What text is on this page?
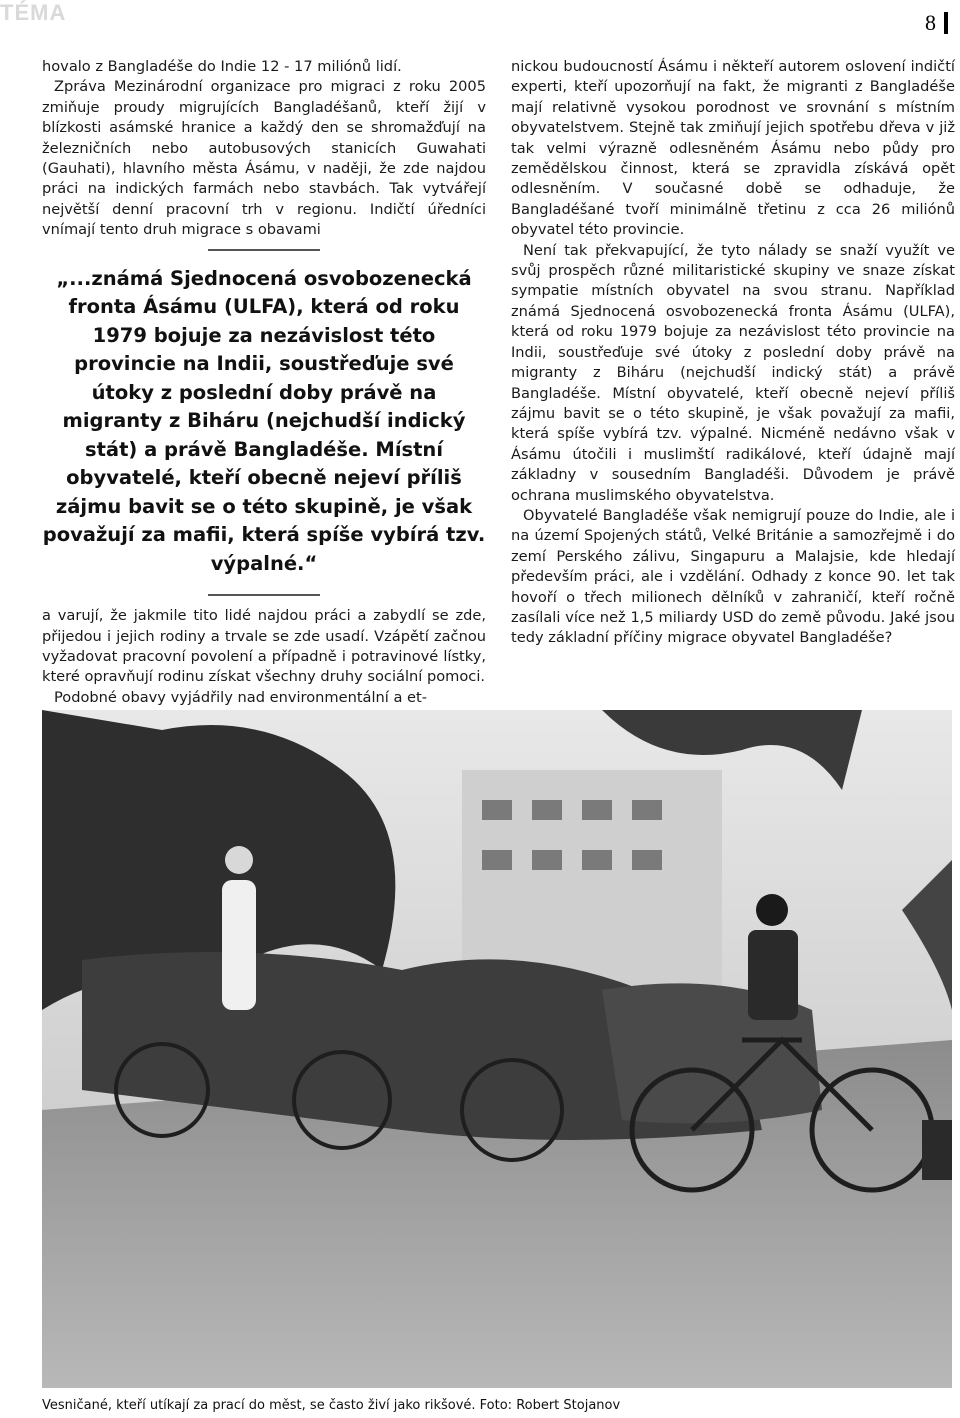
TÉMA	8

hovalo z Bangladéše do Indie 12 - 17 miliónů lidí.

Zpráva Mezinárodní organizace pro migraci z roku 2005 zmiňuje proudy migrujících Bangladéšanů, kteří žijí v blízkosti asámské hranice a každý den se shromažďují na železničních nebo autobusových stanicích Guwahati (Gauhati), hlavního města Ásámu, v naději, že zde najdou práci na indických farmách nebo stavbách. Tak vytvářejí největší denní pracovní trh v regionu. Indičtí úředníci vnímají tento druh migrace s obavami

„...známá Sjednocená osvobozenecká fronta Ásámu (ULFA), která od roku 1979 bojuje za nezávislost této provincie na Indii, soustřeďuje své útoky z poslední doby právě na migranty z Biháru (nejchudší indický stát) a právě Bangladéše. Místní obyvatelé, kteří obecně nejeví příliš zájmu bavit se o této skupině, je však považují za mafii, která spíše vybírá tzv. výpalné.“

a varují, že jakmile tito lidé najdou práci a zabydlí se zde, přijedou i jejich rodiny a trvale se zde usadí. Vzápětí začnou vyžadovat pracovní povolení a případně i potravinové lístky, které opravňují rodinu získat všechny druhy sociální pomoci.

Podobné obavy vyjádřily nad environmentální a et-

nickou budoucností Ásámu i někteří autorem oslovení indičtí experti, kteří upozorňují na fakt, že migranti z Bangladéše mají relativně vysokou porodnost ve srovnání s místním obyvatelstvem. Stejně tak zmiňují jejich spotřebu dřeva v již tak velmi výrazně odlesněném Ásámu nebo půdy pro zemědělskou činnost, která se zpravidla získává opět odlesněním. V současné době se odhaduje, že Bangladéšané tvoří minimálně třetinu z cca 26 miliónů obyvatel této provincie.

Není tak překvapující, že tyto nálady se snaží využít ve svůj prospěch různé militaristické skupiny ve snaze získat sympatie místních obyvatel na svou stranu. Například známá Sjednocená osvobozenecká fronta Ásámu (ULFA), která od roku 1979 bojuje za nezávislost této provincie na Indii, soustřeďuje své útoky z poslední doby právě na migranty z Biháru (nejchudší indický stát) a právě Bangladéše. Místní obyvatelé, kteří obecně nejeví příliš zájmu bavit se o této skupině, je však považují za mafii, která spíše vybírá tzv. výpalné. Nicméně nedávno však v Ásámu útočili i muslimští radikálové, kteří údajně mají základny v sousedním Bangladéši. Důvodem je právě ochrana muslimského obyvatelstva.

Obyvatelé Bangladéše však nemigrují pouze do Indie, ale i na území Spojených států, Velké Británie a samozřejmě i do zemí Perského zálivu, Singapuru a Malajsie, kde hledají především práci, ale i vzdělání. Odhady z konce 90. let tak hovoří o třech milionech dělníků v zahraničí, kteří ročně zasílali více než 1,5 miliardy USD do země původu. Jaké jsou tedy základní příčiny migrace obyvatel Bangladéše?

Vesničané, kteří utíkají za prací do měst, se často živí jako rikšové. Foto: Robert Stojanov
